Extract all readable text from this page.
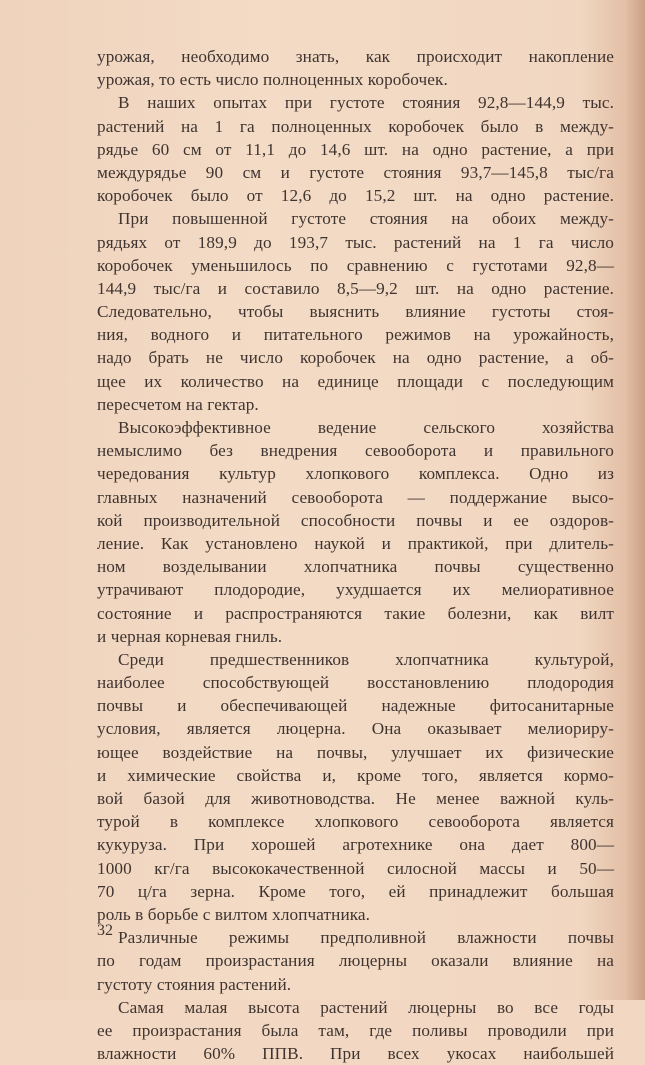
урожая, необходимо знать, как происходит накопление
урожая, то есть число полноценных коробочек.
В наших опытах при густоте стояния 92,8—144,9 тыс.
растений на 1 га полноценных коробочек было в между-
рядье 60 см от 11,1 до 14,6 шт. на одно растение, а при
междурядье 90 см и густоте стояния 93,7—145,8 тыс/га
коробочек было от 12,6 до 15,2 шт. на одно растение.
При повышенной густоте стояния на обоих между-
рядьях от 189,9 до 193,7 тыс. растений на 1 га число
коробочек уменьшилось по сравнению с густотами 92,8—
144,9 тыс/га и составило 8,5—9,2 шт. на одно растение.
Следовательно, чтобы выяснить влияние густоты стоя-
ния, водного и питательного режимов на урожайность,
надо брать не число коробочек на одно растение, а об-
щее их количество на единице площади с последующим
пересчетом на гектар.
Высокоэффективное ведение сельского хозяйства
немыслимо без внедрения севооборота и правильного
чередования культур хлопкового комплекса. Одно из
главных назначений севооборота — поддержание высо-
кой производительной способности почвы и ее оздоров-
ление. Как установлено наукой и практикой, при длитель-
ном возделывании хлопчатника почвы существенно
утрачивают плодородие, ухудшается их мелиоративное
состояние и распространяются такие болезни, как вилт
и черная корневая гниль.
Среди предшественников хлопчатника культурой,
наиболее способствующей восстановлению плодородия
почвы и обеспечивающей надежные фитосанитарные
условия, является люцерна. Она оказывает мелиориру-
ющее воздействие на почвы, улучшает их физические
и химические свойства и, кроме того, является кормо-
вой базой для животноводства. Не менее важной куль-
турой в комплексе хлопкового севооборота является
кукуруза. При хорошей агротехнике она дает 800—
1000 кг/га высококачественной силосной массы и 50—
70 ц/га зерна. Кроме того, ей принадлежит большая
роль в борьбе с вилтом хлопчатника.
Различные режимы предполивной влажности почвы
по годам произрастания люцерны оказали влияние на
густоту стояния растений.
Самая малая высота растений люцерны во все годы
ее произрастания была там, где поливы проводили при
влажности 60% ППВ. При всех укосах наибольшей
32
